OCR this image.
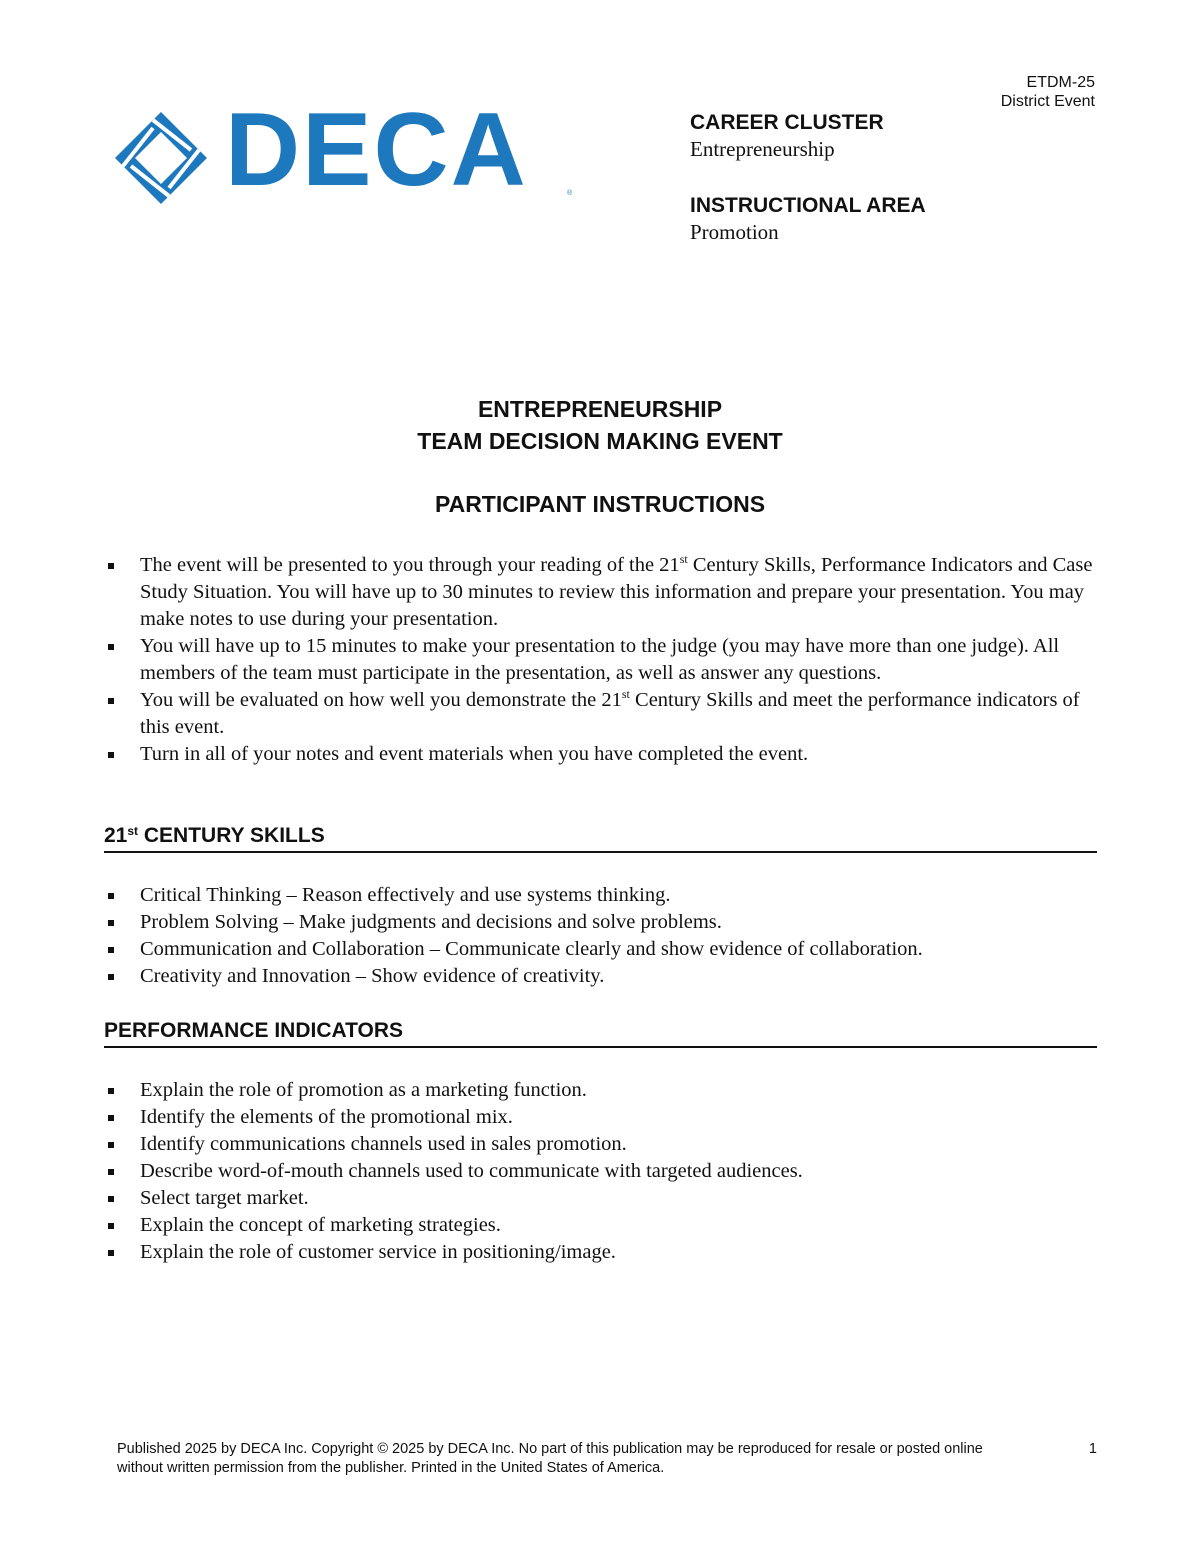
ETDM-25
District Event
DECA	®
CAREER CLUSTER
Entrepreneurship
INSTRUCTIONAL AREA
Promotion
ENTREPRENEURSHIP
TEAM DECISION MAKING EVENT
PARTICIPANT INSTRUCTIONS
The event will be presented to you through your reading of the 21st Century Skills, Performance Indicators and Case Study Situation. You will have up to 30 minutes to review this information and prepare your presentation. You may make notes to use during your presentation.
You will have up to 15 minutes to make your presentation to the judge (you may have more than one judge). All members of the team must participate in the presentation, as well as answer any questions.
You will be evaluated on how well you demonstrate the 21st Century Skills and meet the performance indicators of this event.
Turn in all of your notes and event materials when you have completed the event.
21st CENTURY SKILLS
Critical Thinking – Reason effectively and use systems thinking.
Problem Solving – Make judgments and decisions and solve problems.
Communication and Collaboration – Communicate clearly and show evidence of collaboration.
Creativity and Innovation – Show evidence of creativity.
PERFORMANCE INDICATORS
Explain the role of promotion as a marketing function.
Identify the elements of the promotional mix.
Identify communications channels used in sales promotion.
Describe word-of-mouth channels used to communicate with targeted audiences.
Select target market.
Explain the concept of marketing strategies.
Explain the role of customer service in positioning/image.
Published 2025 by DECA Inc. Copyright © 2025 by DECA Inc. No part of this publication may be reproduced for resale or posted online without written permission from the publisher. Printed in the United States of America.
1
